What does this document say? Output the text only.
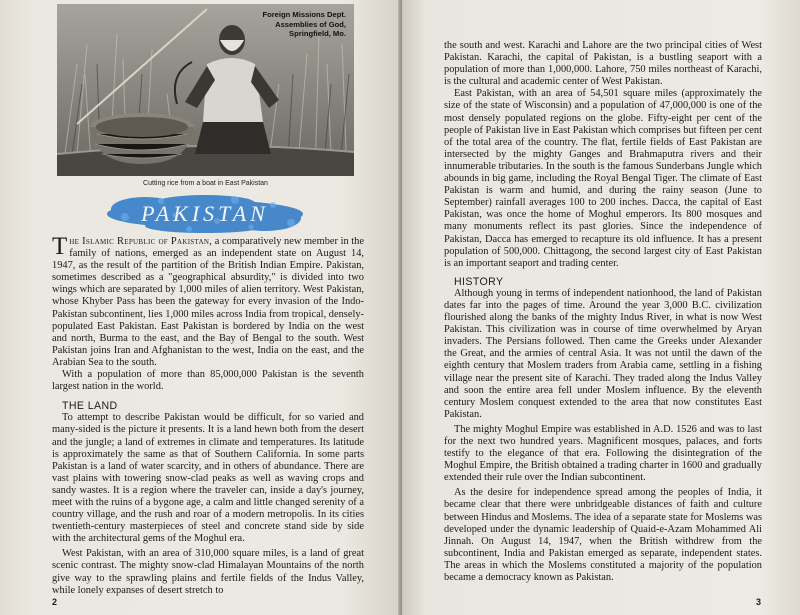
Foreign Missions Dept.
Assemblies of God,
Springfield, Mo.
Cutting rice from a boat in East Pakistan
PAKISTAN

The Islamic Republic of Pakistan, a comparatively new member in the family of nations, emerged as an independent state on August 14, 1947, as the result of the partition of the British Indian Empire. Pakistan, sometimes described as a "geographical absurdity," is divided into two wings which are separated by 1,000 miles of alien territory. West Pakistan, whose Khyber Pass has been the gateway for every invasion of the Indo-Pakistan subcontinent, lies 1,000 miles across India from tropical, densely-populated East Pakistan. East Pakistan is bordered by India on the west and north, Burma to the east, and the Bay of Bengal to the south. West Pakistan joins Iran and Afghanistan to the west, India on the east, and the Arabian Sea to the south.

With a population of more than 85,000,000 Pakistan is the seventh largest nation in the world.

THE LAND

To attempt to describe Pakistan would be difficult, for so varied and many-sided is the picture it presents. It is a land hewn both from the desert and the jungle; a land of extremes in climate and temperatures. Its latitude is approximately the same as that of Southern California. In some parts Pakistan is a land of water scarcity, and in others of abundance. There are vast plains with towering snow-clad peaks as well as waving crops and sandy wastes. It is a region where the traveler can, inside a day's journey, meet with the ruins of a bygone age, a calm and little changed serenity of a country village, and the rush and roar of a modern metropolis. In its cities twentieth-century masterpieces of steel and concrete stand side by side with the architectural gems of the Moghul era.

West Pakistan, with an area of 310,000 square miles, is a land of great scenic contrast. The mighty snow-clad Himalayan Mountains of the north give way to the sprawling plains and fertile fields of the Indus Valley, while lonely expanses of desert stretch to

2

the south and west. Karachi and Lahore are the two principal cities of West Pakistan. Karachi, the capital of Pakistan, is a bustling seaport with a population of more than 1,000,000. Lahore, 750 miles northeast of Karachi, is the cultural and academic center of West Pakistan.

East Pakistan, with an area of 54,501 square miles (approximately the size of the state of Wisconsin) and a population of 47,000,000 is one of the most densely populated regions on the globe. Fifty-eight per cent of the people of Pakistan live in East Pakistan which comprises but fifteen per cent of the total area of the country. The flat, fertile fields of East Pakistan are intersected by the mighty Ganges and Brahmaputra rivers and their innumerable tributaries. In the south is the famous Sunderbans Jungle which abounds in big game, including the Royal Bengal Tiger. The climate of East Pakistan is warm and humid, and during the rainy season (June to September) rainfall averages 100 to 200 inches. Dacca, the capital of East Pakistan, was once the home of Moghul emperors. Its 800 mosques and many monuments reflect its past glories. Since the independence of Pakistan, Dacca has emerged to recapture its old influence. It has a present population of 500,000. Chittagong, the second largest city of East Pakistan is an important seaport and trading center.

HISTORY

Although young in terms of independent nationhood, the land of Pakistan dates far into the pages of time. Around the year 3,000 B.C. civilization flourished along the banks of the mighty Indus River, in what is now West Pakistan. This civilization was in course of time overwhelmed by Aryan invaders. The Persians followed. Then came the Greeks under Alexander the Great, and the armies of central Asia. It was not until the dawn of the eighth century that Moslem traders from Arabia came, settling in a fishing village near the present site of Karachi. They traded along the Indus Valley and soon the entire area fell under Moslem influence. By the eleventh century Moslem conquest extended to the area that now constitutes East Pakistan.

The mighty Moghul Empire was established in A.D. 1526 and was to last for the next two hundred years. Magnificent mosques, palaces, and forts testify to the elegance of that era. Following the disintegration of the Moghul Empire, the British obtained a trading charter in 1600 and gradually extended their rule over the Indian subcontinent.

As the desire for independence spread among the peoples of India, it became clear that there were unbridgeable distances of faith and culture between Hindus and Moslems. The idea of a separate state for Moslems was developed under the dynamic leadership of Quaid-e-Azam Mohammed Ali Jinnah. On August 14, 1947, when the British withdrew from the subcontinent, India and Pakistan emerged as separate, independent states. The areas in which the Moslems constituted a majority of the population became a democracy known as Pakistan.

3
